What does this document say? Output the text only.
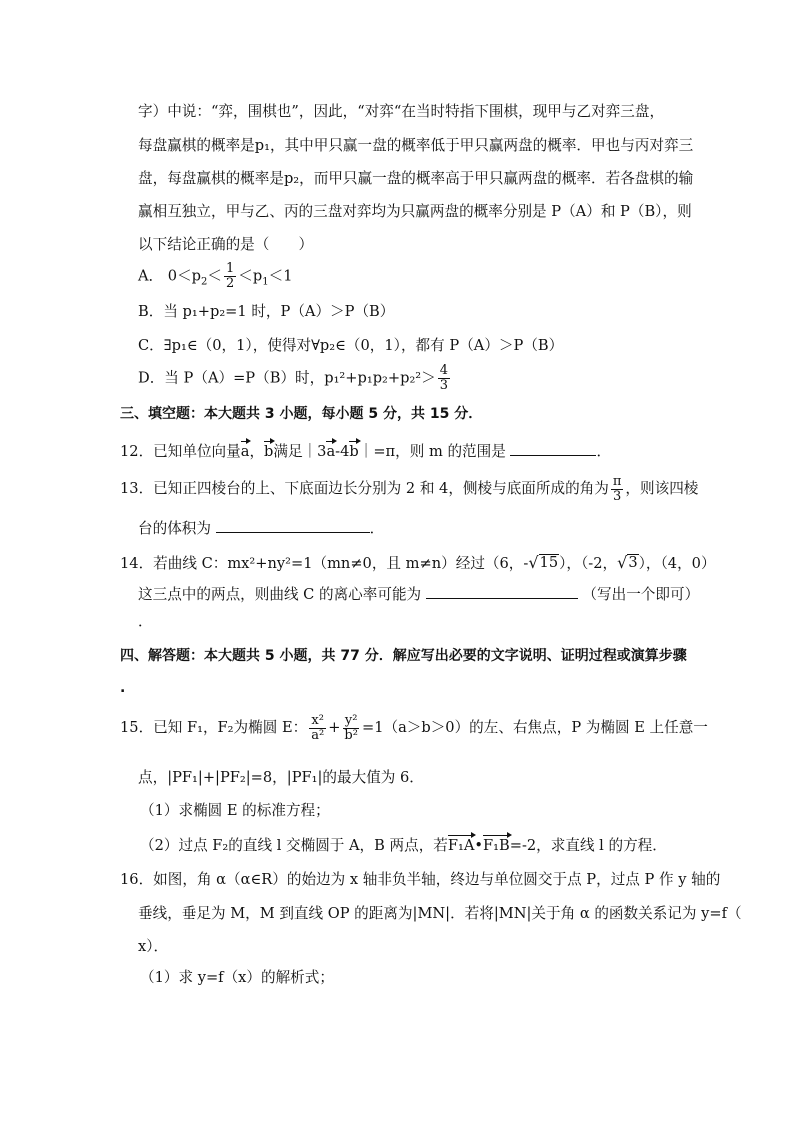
字）中说：“弈，围棋也”，因此，“对弈“在当时特指下围棋，现甲与乙对弈三盘，
每盘赢棋的概率是p₁，其中甲只赢一盘的概率低于甲只赢两盘的概率．甲也与丙对弈三
盘，每盘赢棋的概率是p₂，而甲只赢一盘的概率高于甲只赢两盘的概率．若各盘棋的输
赢相互独立，甲与乙、丙的三盘对弈均为只赢两盘的概率分别是 P（A）和 P（B），则
以下结论正确的是（　　）
A． $0<p_2< \frac{1}{2} <p_1<1$
B．当 p₁+p₂=1 时，P（A）＞P（B）
C．∃p₁∈（0，1），使得对∀p₂∈（0，1），都有 P（A）＞P（B）
D．当 P（A）=P（B）时，$p_1^2+p_1p_2+p_2^2> \frac{4}{3}$
三、填空题：本大题共 3 小题，每小题 5 分，共 15 分．
12．已知单位向量a，b满足｜3a-4b｜=π，则 m 的范围是	．
13．已知正四棱台的上、下底面边长分别为 2 和 4，侧棱与底面所成的角为 $\frac{\pi}{3}$ ，则该四棱
台的体积为	．
14．若曲线 C：mx²+ny²=1（mn≠0，且 m≠n）经过（6，- √ 15 ），（-2， √ 3 ），（4，0）
这三点中的两点，则曲线 C 的离心率可能为	（写出一个即可）
．
四、解答题：本大题共 5 小题，共 77 分．解应写出必要的文字说明、证明过程或演算步骤
.
15．已知 F₁，F₂为椭圆 E： $\frac{\text{x²}}{\text{a²}} + \frac{\text{y²}}{\text{b²}} =1(a>b>0)$的左、右焦点，P 为椭圆 E 上任意一
点，|PF₁|+|PF₂|=8，|PF₁|的最大值为 6．
（1）求椭圆 E 的标准方程；
（2）过点 F₂的直线 l 交椭圆于 A，B 两点，若F₁A•F₁B=-2，求直线 l 的方程．
16．如图，角 α（α∈R）的始边为 x 轴非负半轴，终边与单位圆交于点 P，过点 P 作 y 轴的
垂线，垂足为 M，M 到直线 OP 的距离为|MN|．若将|MN|关于角 α 的函数关系记为 y=f（
x）．
（1）求 y=f（x）的解析式；
